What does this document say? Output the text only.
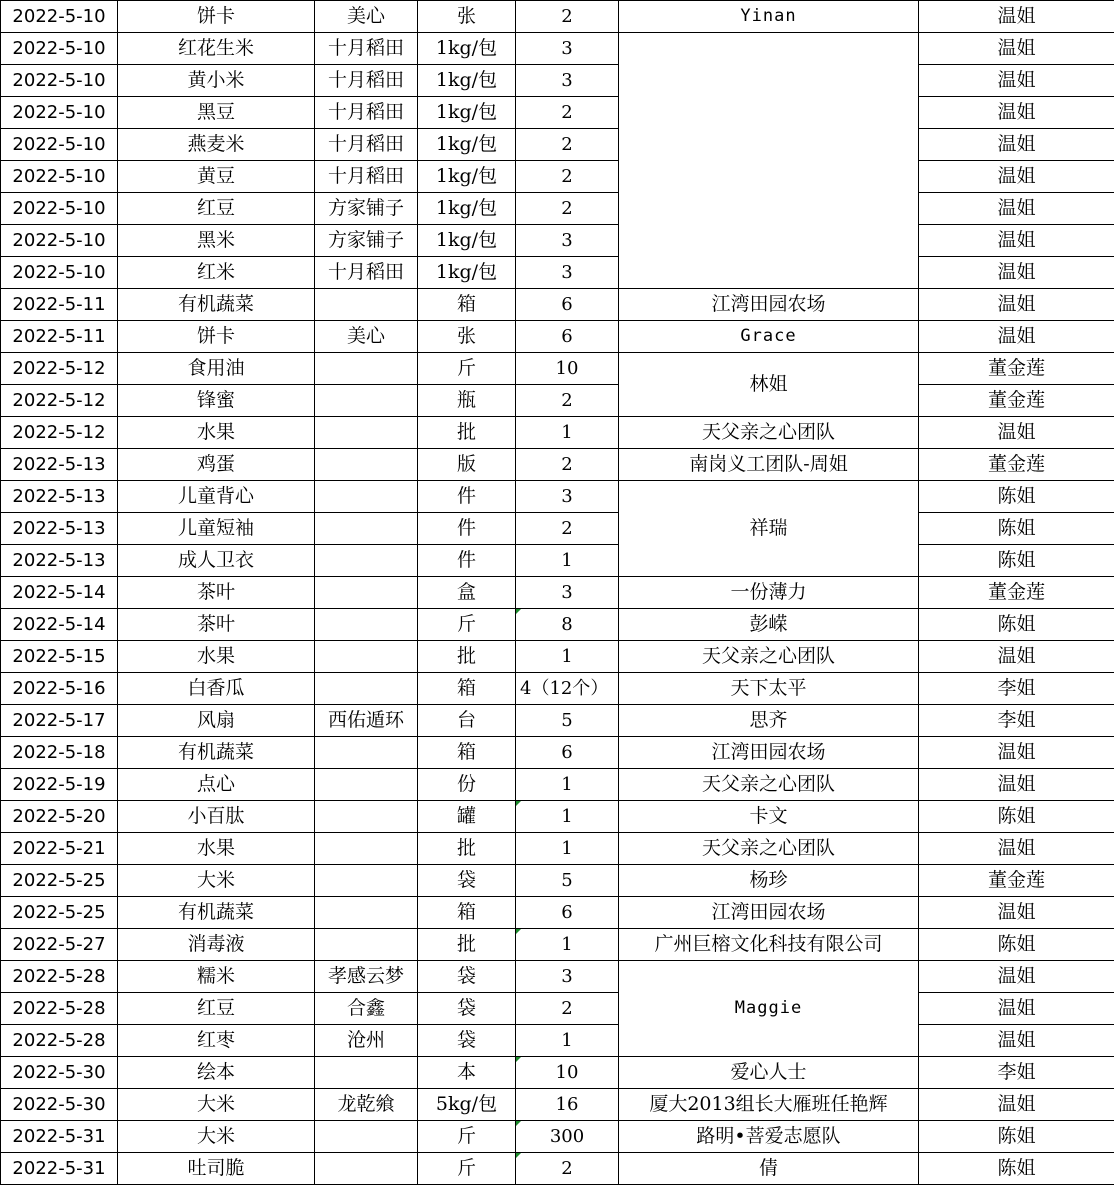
2022-5-10	饼卡	美心	张	2	Yinan	温姐
2022-5-10	红花生米	十月稻田	1kg/包	3		温姐
2022-5-10	黄小米	十月稻田	1kg/包	3		温姐
2022-5-10	黑豆	十月稻田	1kg/包	2		温姐
2022-5-10	燕麦米	十月稻田	1kg/包	2		温姐
2022-5-10	黄豆	十月稻田	1kg/包	2		温姐
2022-5-10	红豆	方家铺子	1kg/包	2		温姐
2022-5-10	黑米	方家铺子	1kg/包	3		温姐
2022-5-10	红米	十月稻田	1kg/包	3		温姐
2022-5-11	有机蔬菜		箱	6	江湾田园农场	温姐
2022-5-11	饼卡	美心	张	6	Grace	温姐
2022-5-12	食用油		斤	10	林姐	董金莲
2022-5-12	锋蜜		瓶	2		董金莲
2022-5-12	水果		批	1	天父亲之心团队	温姐
2022-5-13	鸡蛋		版	2	南岗义工团队-周姐	董金莲
2022-5-13	儿童背心		件	3	祥瑞	陈姐
2022-5-13	儿童短袖		件	2		陈姐
2022-5-13	成人卫衣		件	1		陈姐
2022-5-14	茶叶		盒	3	一份薄力	董金莲
2022-5-14	茶叶		斤	8	彭嵘	陈姐
2022-5-15	水果		批	1	天父亲之心团队	温姐
2022-5-16	白香瓜		箱	4（12个）	天下太平	李姐
2022-5-17	风扇	西佑遁环	台	5	思齐	李姐
2022-5-18	有机蔬菜		箱	6	江湾田园农场	温姐
2022-5-19	点心		份	1	天父亲之心团队	温姐
2022-5-20	小百肽		罐	1	卡文	陈姐
2022-5-21	水果		批	1	天父亲之心团队	温姐
2022-5-25	大米		袋	5	杨珍	董金莲
2022-5-25	有机蔬菜		箱	6	江湾田园农场	温姐
2022-5-27	消毒液		批	1	广州巨榕文化科技有限公司	陈姐
2022-5-28	糯米	孝感云梦	袋	3	Maggie	温姐
2022-5-28	红豆	合鑫	袋	2		温姐
2022-5-28	红枣	沧州	袋	1		温姐
2022-5-30	绘本		本	10	爱心人士	李姐
2022-5-30	大米	龙乾飨	5kg/包	16	厦大2013组长大雁班任艳辉	温姐
2022-5-31	大米		斤	300	路明•菩爱志愿队	陈姐
2022-5-31	吐司脆		斤	2	倩	陈姐
